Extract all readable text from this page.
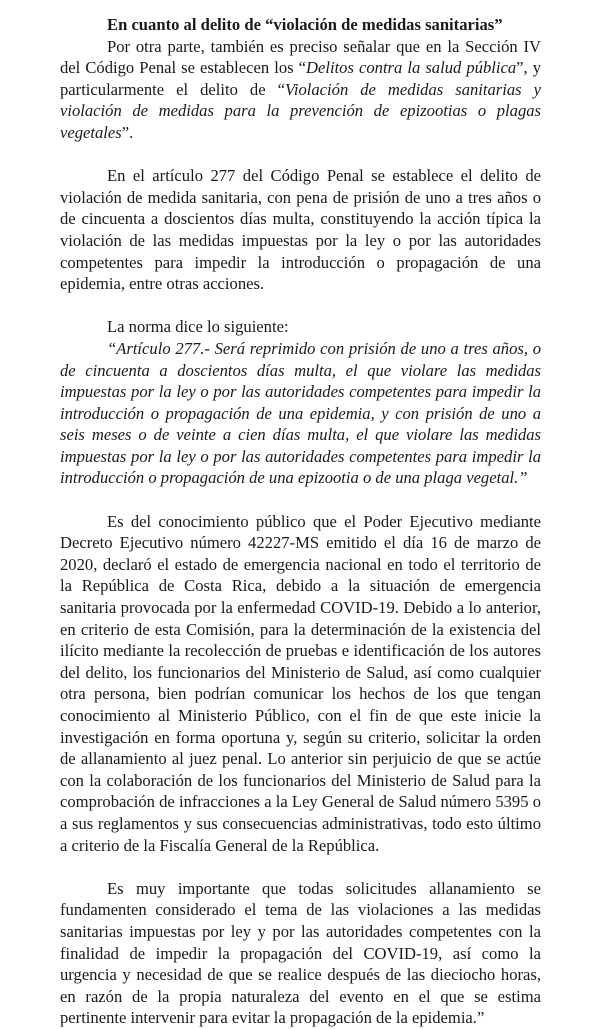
En cuanto al delito de “violación de medidas sanitarias”

Por otra parte, también es preciso señalar que en la Sección IV del Código Penal se establecen los “Delitos contra la salud pública”, y particularmente el delito de “Violación de medidas sanitarias y violación de medidas para la prevención de epizootias o plagas vegetales”.

En el artículo 277 del Código Penal se establece el delito de violación de medida sanitaria, con pena de prisión de uno a tres años o de cincuenta a doscientos días multa, constituyendo la acción típica la violación de las medidas impuestas por la ley o por las autoridades competentes para impedir la introducción o propagación de una epidemia, entre otras acciones.

La norma dice lo siguiente:

“Artículo 277.- Será reprimido con prisión de uno a tres años, o de cincuenta a doscientos días multa, el que violare las medidas impuestas por la ley o por las autoridades competentes para impedir la introducción o propagación de una epidemia, y con prisión de uno a seis meses o de veinte a cien días multa, el que violare las medidas impuestas por la ley o por las autoridades competentes para impedir la introducción o propagación de una epizootia o de una plaga vegetal.”

Es del conocimiento público que el Poder Ejecutivo mediante Decreto Ejecutivo número 42227-MS emitido el día 16 de marzo de 2020, declaró el estado de emergencia nacional en todo el territorio de la República de Costa Rica, debido a la situación de emergencia sanitaria provocada por la enfermedad COVID-19. Debido a lo anterior, en criterio de esta Comisión, para la determinación de la existencia del ilícito mediante la recolección de pruebas e identificación de los autores del delito, los funcionarios del Ministerio de Salud, así como cualquier otra persona, bien podrían comunicar los hechos de los que tengan conocimiento al Ministerio Público, con el fin de que este inicie la investigación en forma oportuna y, según su criterio, solicitar la orden de allanamiento al juez penal. Lo anterior sin perjuicio de que se actúe con la colaboración de los funcionarios del Ministerio de Salud para la comprobación de infracciones a la Ley General de Salud número 5395 o a sus reglamentos y sus consecuencias administrativas, todo esto último a criterio de la Fiscalía General de la República.

Es muy importante que todas solicitudes allanamiento se fundamenten considerado el tema de las violaciones a las medidas sanitarias impuestas por ley y por las autoridades competentes con la finalidad de impedir la propagación del COVID-19, así como la urgencia y necesidad de que se realice después de las dieciocho horas, en razón de la propia naturaleza del evento en el que se estima pertinente intervenir para evitar la propagación de la epidemia.”
